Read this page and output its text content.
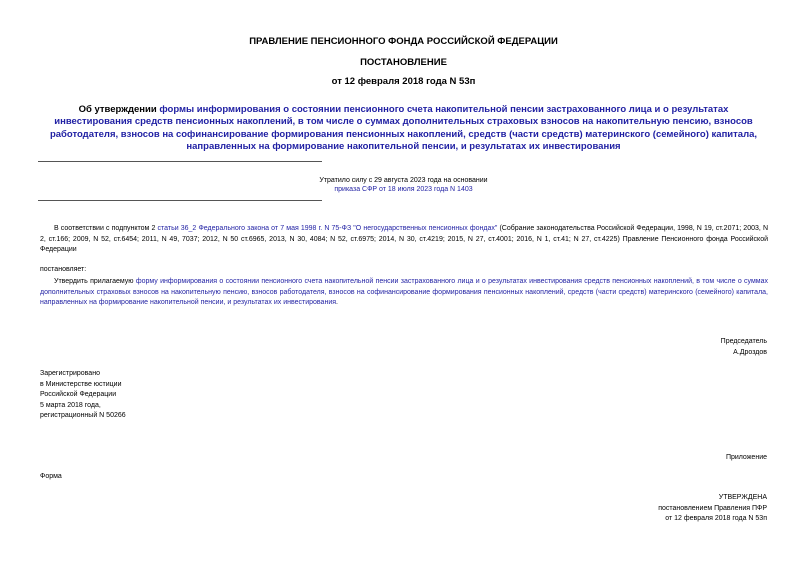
ПРАВЛЕНИЕ ПЕНСИОННОГО ФОНДА РОССИЙСКОЙ ФЕДЕРАЦИИ
ПОСТАНОВЛЕНИЕ
от 12 февраля 2018 года N 53п
Об утверждении формы информирования о состоянии пенсионного счета накопительной пенсии застрахованного лица и о результатах инвестирования средств пенсионных накоплений, в том числе о суммах дополнительных страховых взносов на накопительную пенсию, взносов работодателя, взносов на софинансирование формирования пенсионных накоплений, средств (части средств) материнского (семейного) капитала, направленных на формирование накопительной пенсии, и результатах их инвестирования
Утратило силу с 29 августа 2023 года на основании
приказа СФР от 18 июля 2023 года N 1403
В соответствии с подпунктом 2 статьи 36_2 Федерального закона от 7 мая 1998 г. N 75-ФЗ "О негосударственных пенсионных фондах" (Собрание законодательства Российской Федерации, 1998, N 19, ст.2071; 2003, N 2, ст.166; 2009, N 52, ст.6454; 2011, N 49, 7037; 2012, N 50 ст.6965, 2013, N 30, 4084; N 52, ст.6975; 2014, N 30, ст.4219; 2015, N 27, ст.4001; 2016, N 1, ст.41; N 27, ст.4225) Правление Пенсионного фонда Российской Федерации
постановляет:
Утвердить прилагаемую форму информирования о состоянии пенсионного счета накопительной пенсии застрахованного лица и о результатах инвестирования средств пенсионных накоплений, в том числе о суммах дополнительных страховых взносов на накопительную пенсию, взносов работодателя, взносов на софинансирование формирования пенсионных накоплений, средств (части средств) материнского (семейного) капитала, направленных на формирование накопительной пенсии, и результатах их инвестирования.
Председатель
А.Дроздов
Зарегистрировано
в Министерстве юстиции
Российской Федерации
5 марта 2018 года,
регистрационный N 50266
Приложение
Форма
УТВЕРЖДЕНА
постановлением Правления ПФР
от 12 февраля 2018 года N 53п
